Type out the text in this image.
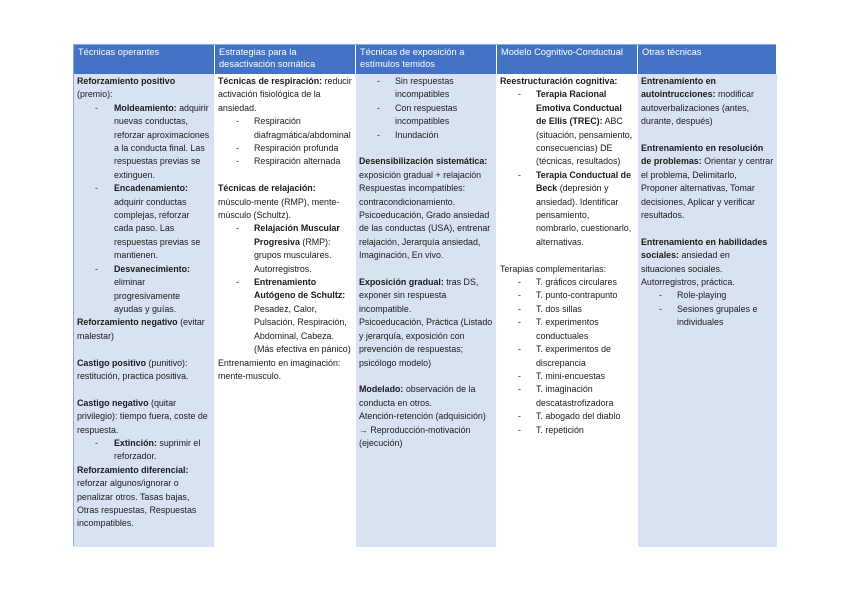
Técnicas operantes	Estrategias para la desactivación somática
Técnicas de exposición a estímulos temidos
Modelo Cognitivo-Conductual	Otras técnicas

Reforzamiento positivo (premio):

- Moldeamiento: adquirir nuevas conductas, reforzar aproximaciones a la conducta final. Las respuestas previas se extinguen.
- Encadenamiento: adquirir conductas complejas, reforzar cada paso. Las respuestas previas se mantienen.
- Desvanecimiento: eliminar progresivamente ayudas y guías.

Reforzamiento negativo (evitar malestar)

Castigo positivo (punitivo): restitución, practica positiva.

Castigo negativo (quitar privilegio): tiempo fuera, coste de respuesta.

- Extinción: suprimir el reforzador.

Reforzamiento diferencial: reforzar algunos/ignorar o penalizar otros. Tasas bajas, Otras respuestas, Respuestas incompatibles.

Técnicas de respiración: reducir activación fisiológica de la ansiedad.

- Respiración diafragmática/abdominal
- Respiración profunda
- Respiración alternada

Técnicas de relajación: músculo-mente (RMP), mente-músculo (Schultz).

- Relajación Muscular Progresiva (RMP): grupos musculares. Autorregistros.
- Entrenamiento Autógeno de Schultz: Pesadez, Calor, Pulsación, Respiración, Abdominal, Cabeza. (Más efectiva en pánico)

Entrenamiento en imaginación: mente-musculo.

- Sin respuestas incompatibles
- Con respuestas incompatibles
- Inundación

Desensibilización sistemática: exposición gradual + relajación

Respuestas incompatibles: contracondicionamiento. Psicoeducación, Grado ansiedad de las conductas (USA), entrenar relajación, Jerarquía ansiedad, Imaginación, En vivo.

Exposición gradual: tras DS, exponer sin respuesta incompatible.

Psicoeducación, Práctica (Listado y jerarquía, exposición con prevención de respuestas; psicólogo modelo)

Modelado: observación de la conducta en otros.

Atención-retención (adquisición) → Reproducción-motivación (ejecución)

Reestructuración cognitiva:

- Terapia Racional Emotiva Conductual de Ellis (TREC): ABC (situación, pensamiento, consecuencias) DE (técnicas, resultados)
- Terapia Conductual de Beck (depresión y ansiedad). Identificar pensamiento, nombrarlo, cuestionarlo, alternativas.

Terapias complementarias:

- T. gráficos circulares
- T. punto-contrapunto
- T. dos sillas
- T. experimentos conductuales
- T. experimentos de discrepancia
- T. mini-encuestas
- T. imaginación descatastrofizadora
- T. abogado del diablo
- T. repetición

Entrenamiento en autointrucciones: modificar autoverbalizaciones (antes, durante, después)

Entrenamiento en resolución de problemas: Orientar y centrar el problema, Delimitarlo, Proponer alternativas, Tomar decisiones, Aplicar y verificar resultados.

Entrenamiento en habilidades sociales: ansiedad en situaciones sociales. Autorregistros, práctica.

- Role-playing
- Sesiones grupales e individuales
